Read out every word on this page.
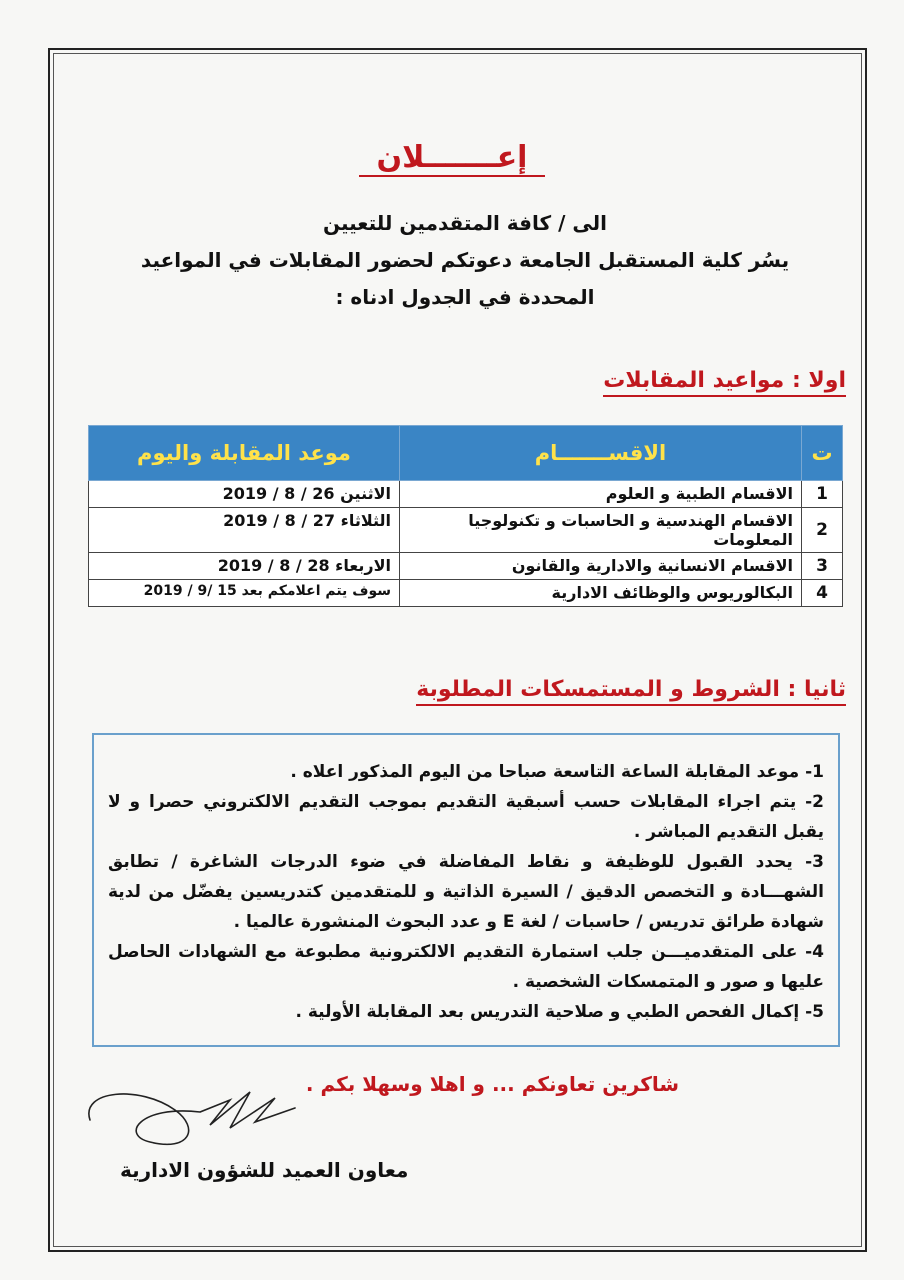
إعـــــــلان
الى / كافة المتقدمين للتعيين
يسُر كلية المستقبل الجامعة دعوتكم لحضور المقابلات في المواعيد
المحددة في الجدول ادناه :
اولا : مواعيد المقابلات
ت	الاقســـــــام	موعد المقابلة واليوم
1	الاقسام الطبية و العلوم	الاثنين 26 / 8 / 2019
2	الاقسام الهندسية و الحاسبات و تكنولوجيا المعلومات	الثلاثاء 27 / 8 / 2019
3	الاقسام الانسانية والادارية والقانون	الاربعاء 28 / 8 / 2019
4	البكالوريوس والوظائف الادارية	سوف يتم اعلامكم بعد 15 /9 / 2019
ثانيا : الشروط و المستمسكات المطلوبة

1- موعد المقابلة الساعة التاسعة صباحا من اليوم المذكور اعلاه .

2- يتم اجراء المقابلات حسب أسبقية التقديم بموجب التقديم الالكتروني حصرا و لا يقبل التقديم المباشر .

3- يحدد القبول للوظيفة و نقاط المفاضلة في ضوء الدرجات الشاغرة / تطابق الشهـــادة و التخصص الدقيق / السيرة الذاتية و للمتقدمين كتدريسين يفضّل من لدية شهادة طرائق تدريس / حاسبات / لغة E و عدد البحوث المنشورة عالميا .

4- على المتقدميـــن جلب استمارة التقديم الالكترونية مطبوعة مع الشهادات الحاصل عليها و صور و المتمسكات الشخصية .

5- إكمال الفحص الطبي و صلاحية التدريس بعد المقابلة الأولية .

شاكرين تعاونكم ... و اهلا وسهلا بكم .
معاون العميد للشؤون الادارية
